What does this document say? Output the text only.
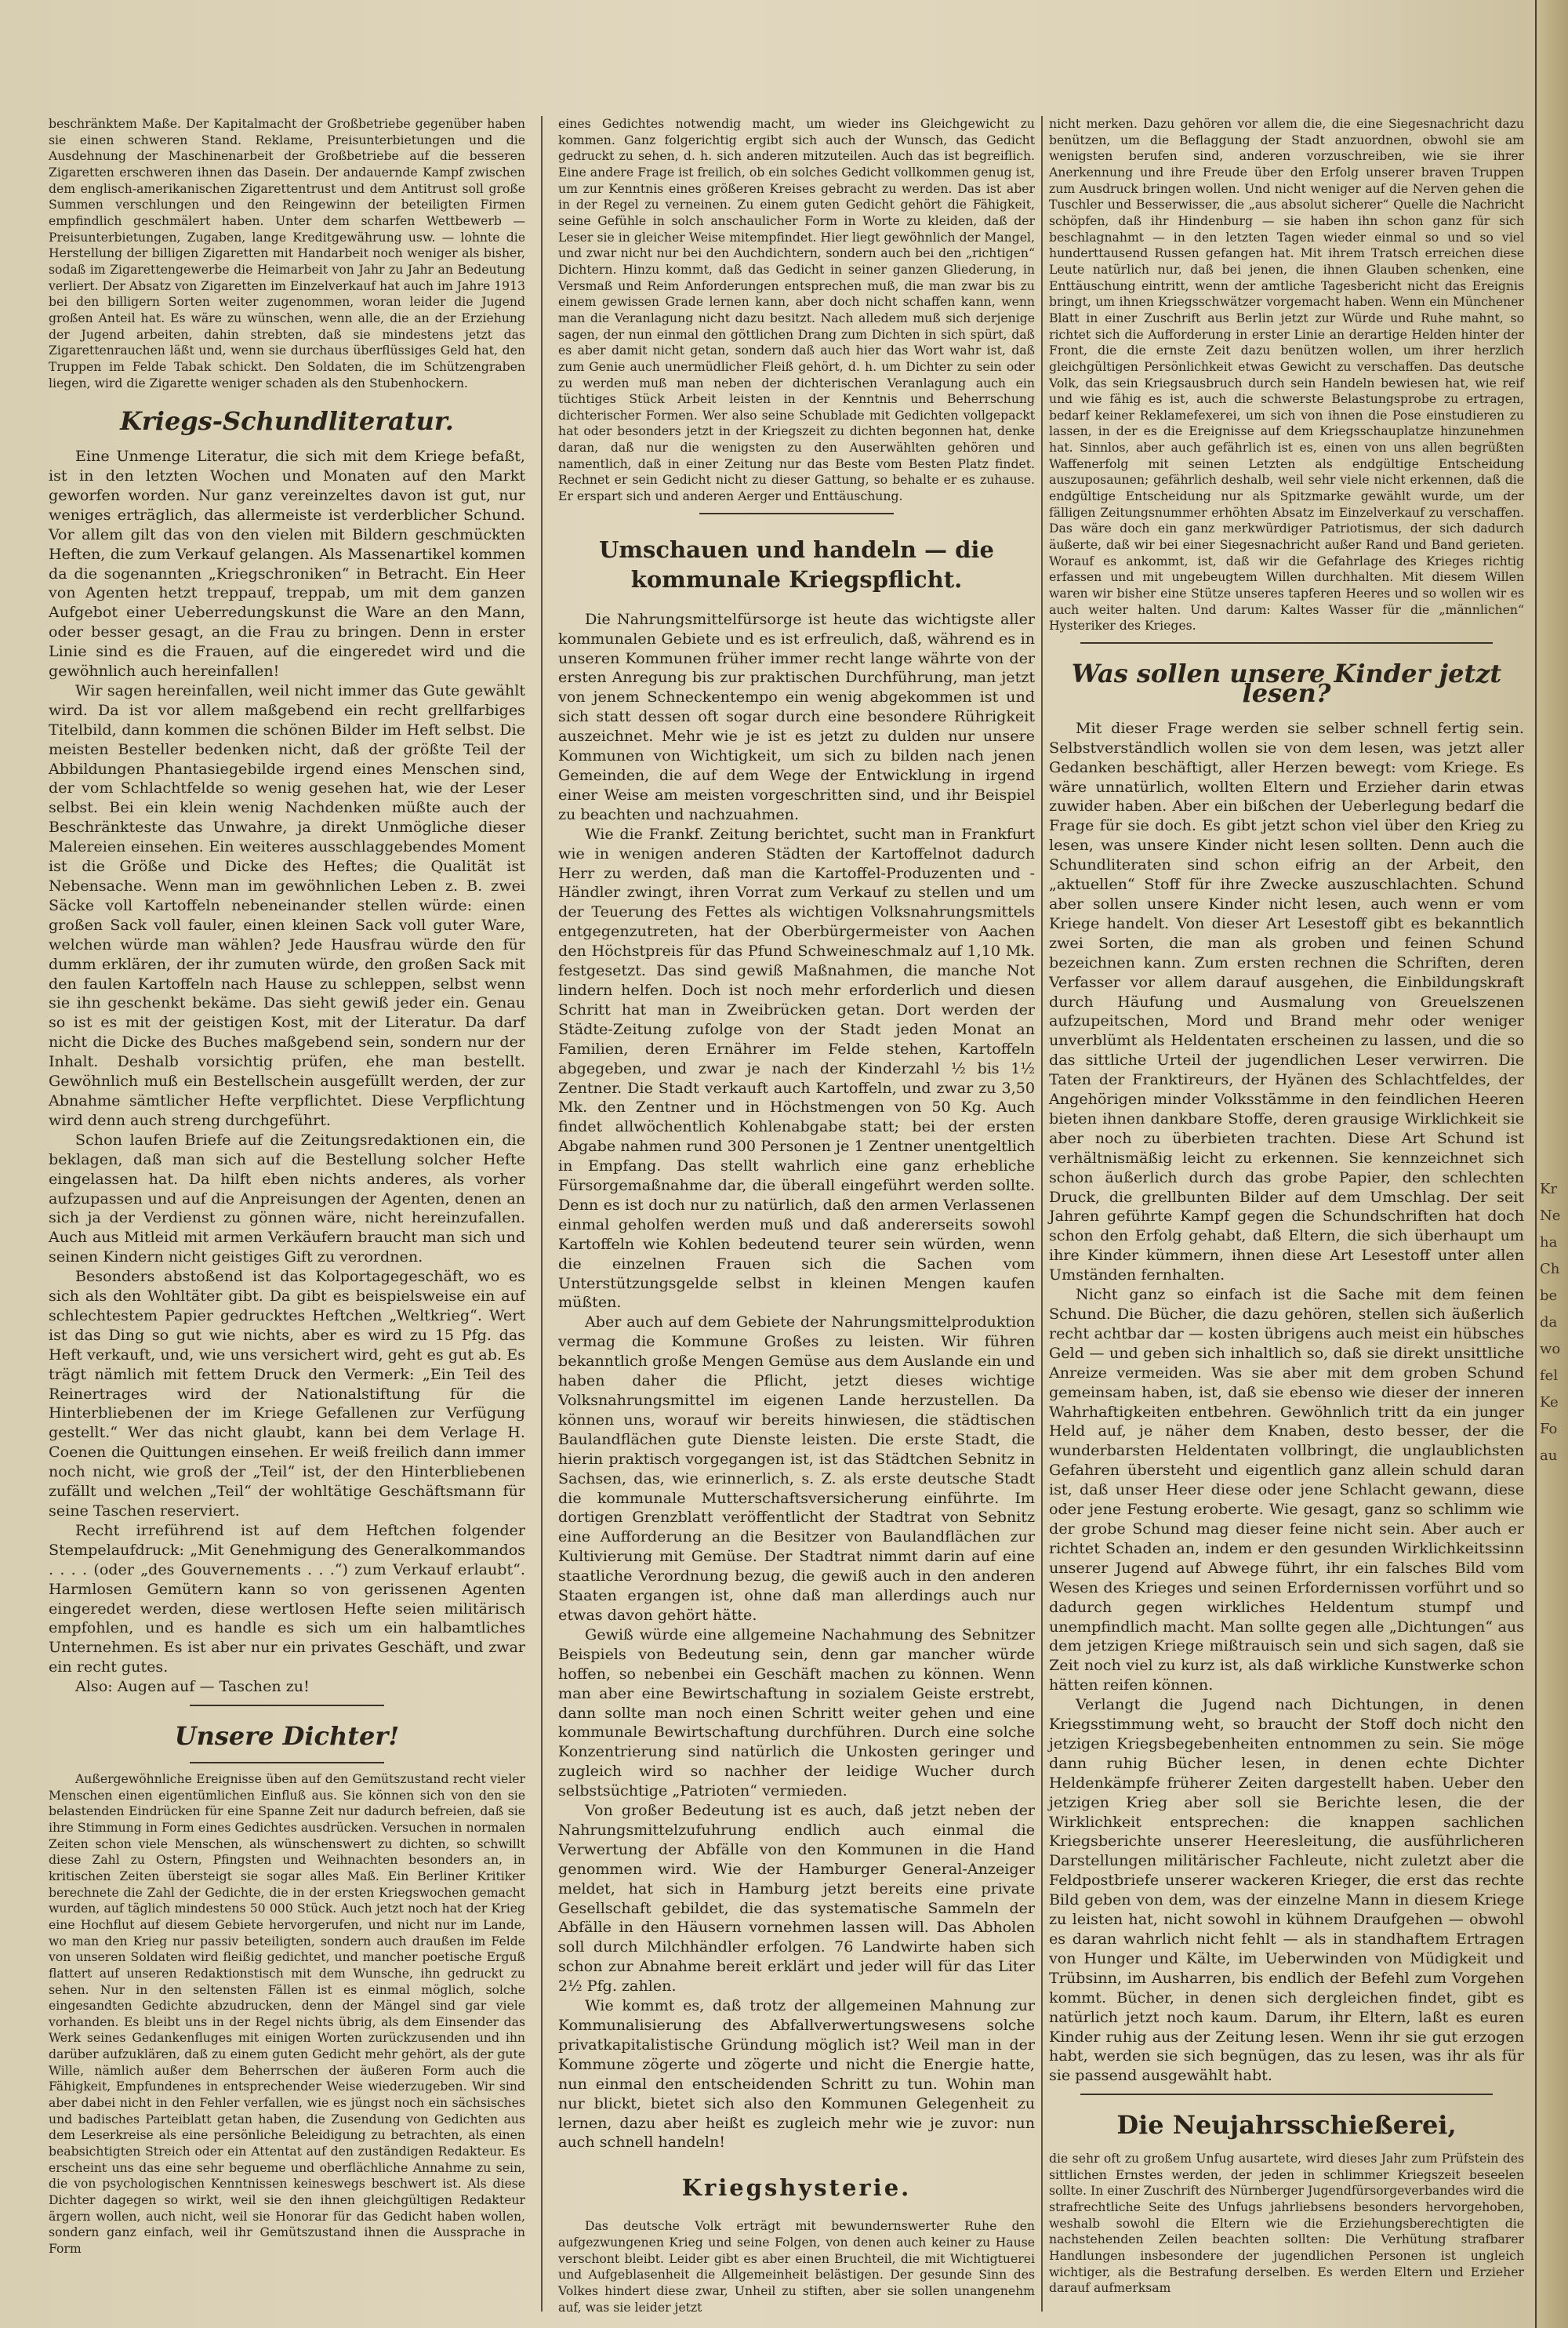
beschränktem Maße. Der Kapitalmacht der Großbetriebe gegenüber haben sie einen schweren Stand. Reklame, Preisunterbietungen und die Ausdehnung der Maschinenarbeit der Großbetriebe auf die besseren Zigaretten erschweren ihnen das Dasein. Der andauernde Kampf zwischen dem englisch-amerikanischen Zigarettentrust und dem Antitrust soll große Summen verschlungen und den Reingewinn der beteiligten Firmen empfindlich geschmälert haben. Unter dem scharfen Wettbewerb — Preisunterbietungen, Zugaben, lange Kreditgewährung usw. — lohnte die Herstellung der billigen Zigaretten mit Handarbeit noch weniger als bisher, sodaß im Zigarettengewerbe die Heimarbeit von Jahr zu Jahr an Bedeutung verliert. Der Absatz von Zigaretten im Einzelverkauf hat auch im Jahre 1913 bei den billigern Sorten weiter zugenommen, woran leider die Jugend großen Anteil hat. Es wäre zu wünschen, wenn alle, die an der Erziehung der Jugend arbeiten, dahin strebten, daß sie mindestens jetzt das Zigarettenrauchen läßt und, wenn sie durchaus überflüssiges Geld hat, den Truppen im Felde Tabak schickt. Den Soldaten, die im Schützengraben liegen, wird die Zigarette weniger schaden als den Stubenhockern.

Kriegs-Schundliteratur.

Eine Unmenge Literatur, die sich mit dem Kriege befaßt, ist in den letzten Wochen und Monaten auf den Markt geworfen worden. Nur ganz vereinzeltes davon ist gut, nur weniges erträglich, das allermeiste ist verderblicher Schund. Vor allem gilt das von den vielen mit Bildern geschmückten Heften, die zum Verkauf gelangen. Als Massenartikel kommen da die sogenannten „Kriegschroniken“ in Betracht. Ein Heer von Agenten hetzt treppauf, treppab, um mit dem ganzen Aufgebot einer Ueberredungskunst die Ware an den Mann, oder besser gesagt, an die Frau zu bringen. Denn in erster Linie sind es die Frauen, auf die eingeredet wird und die gewöhnlich auch hereinfallen!

Wir sagen hereinfallen, weil nicht immer das Gute gewählt wird. Da ist vor allem maßgebend ein recht grellfarbiges Titelbild, dann kommen die schönen Bilder im Heft selbst. Die meisten Besteller bedenken nicht, daß der größte Teil der Abbildungen Phantasiegebilde irgend eines Menschen sind, der vom Schlachtfelde so wenig gesehen hat, wie der Leser selbst. Bei ein klein wenig Nachdenken müßte auch der Beschränkteste das Unwahre, ja direkt Unmögliche dieser Malereien einsehen. Ein weiteres ausschlaggebendes Moment ist die Größe und Dicke des Heftes; die Qualität ist Nebensache. Wenn man im gewöhnlichen Leben z. B. zwei Säcke voll Kartoffeln nebeneinander stellen würde: einen großen Sack voll fauler, einen kleinen Sack voll guter Ware, welchen würde man wählen? Jede Hausfrau würde den für dumm erklären, der ihr zumuten würde, den großen Sack mit den faulen Kartoffeln nach Hause zu schleppen, selbst wenn sie ihn geschenkt bekäme. Das sieht gewiß jeder ein. Genau so ist es mit der geistigen Kost, mit der Literatur. Da darf nicht die Dicke des Buches maßgebend sein, sondern nur der Inhalt. Deshalb vorsichtig prüfen, ehe man bestellt. Gewöhnlich muß ein Bestellschein ausgefüllt werden, der zur Abnahme sämtlicher Hefte verpflichtet. Diese Verpflichtung wird denn auch streng durchgeführt.

Schon laufen Briefe auf die Zeitungsredaktionen ein, die beklagen, daß man sich auf die Bestellung solcher Hefte eingelassen hat. Da hilft eben nichts anderes, als vorher aufzupassen und auf die Anpreisungen der Agenten, denen an sich ja der Verdienst zu gönnen wäre, nicht hereinzufallen. Auch aus Mitleid mit armen Verkäufern braucht man sich und seinen Kindern nicht geistiges Gift zu verordnen.

Besonders abstoßend ist das Kolportagegeschäft, wo es sich als den Wohltäter gibt. Da gibt es beispielsweise ein auf schlechtestem Papier gedrucktes Heftchen „Weltkrieg“. Wert ist das Ding so gut wie nichts, aber es wird zu 15 Pfg. das Heft verkauft, und, wie uns versichert wird, geht es gut ab. Es trägt nämlich mit fettem Druck den Vermerk: „Ein Teil des Reinertrages wird der Nationalstiftung für die Hinterbliebenen der im Kriege Gefallenen zur Verfügung gestellt.“ Wer das nicht glaubt, kann bei dem Verlage H. Coenen die Quittungen einsehen. Er weiß freilich dann immer noch nicht, wie groß der „Teil“ ist, der den Hinterbliebenen zufällt und welchen „Teil“ der wohltätige Geschäftsmann für seine Taschen reserviert.

Recht irreführend ist auf dem Heftchen folgender Stempelaufdruck: „Mit Genehmigung des Generalkommandos . . . . (oder „des Gouvernements . . .“) zum Verkauf erlaubt“. Harmlosen Gemütern kann so von gerissenen Agenten eingeredet werden, diese wertlosen Hefte seien militärisch empfohlen, und es handle es sich um ein halbamtliches Unternehmen. Es ist aber nur ein privates Geschäft, und zwar ein recht gutes.

Also: Augen auf — Taschen zu!

Unsere Dichter!

Außergewöhnliche Ereignisse üben auf den Gemütszustand recht vieler Menschen einen eigentümlichen Einfluß aus. Sie können sich von den sie belastenden Eindrücken für eine Spanne Zeit nur dadurch befreien, daß sie ihre Stimmung in Form eines Gedichtes ausdrücken. Versuchen in normalen Zeiten schon viele Menschen, als wünschenswert zu dichten, so schwillt diese Zahl zu Ostern, Pfingsten und Weihnachten besonders an, in kritischen Zeiten übersteigt sie sogar alles Maß. Ein Berliner Kritiker berechnete die Zahl der Gedichte, die in der ersten Kriegswochen gemacht wurden, auf täglich mindestens 50 000 Stück. Auch jetzt noch hat der Krieg eine Hochflut auf diesem Gebiete hervorgerufen, und nicht nur im Lande, wo man den Krieg nur passiv beteiligten, sondern auch draußen im Felde von unseren Soldaten wird fleißig gedichtet, und mancher poetische Erguß flattert auf unseren Redaktionstisch mit dem Wunsche, ihn gedruckt zu sehen. Nur in den seltensten Fällen ist es einmal möglich, solche eingesandten Gedichte abzudrucken, denn der Mängel sind gar viele vorhanden. Es bleibt uns in der Regel nichts übrig, als dem Einsender das Werk seines Gedankenfluges mit einigen Worten zurückzusenden und ihn darüber aufzuklären, daß zu einem guten Gedicht mehr gehört, als der gute Wille, nämlich außer dem Beherrschen der äußeren Form auch die Fähigkeit, Empfundenes in entsprechender Weise wiederzugeben. Wir sind aber dabei nicht in den Fehler verfallen, wie es jüngst noch ein sächsisches und badisches Parteiblatt getan haben, die Zusendung von Gedichten aus dem Leserkreise als eine persönliche Beleidigung zu betrachten, als einen beabsichtigten Streich oder ein Attentat auf den zuständigen Redakteur. Es erscheint uns das eine sehr begueme und oberflächliche Annahme zu sein, die von psychologischen Kenntnissen keineswegs beschwert ist. Als diese Dichter dagegen so wirkt, weil sie den ihnen gleichgültigen Redakteur ärgern wollen, auch nicht, weil sie Honorar für das Gedicht haben wollen, sondern ganz einfach, weil ihr Gemütszustand ihnen die Aussprache in Form

eines Gedichtes notwendig macht, um wieder ins Gleichgewicht zu kommen. Ganz folgerichtig ergibt sich auch der Wunsch, das Gedicht gedruckt zu sehen, d. h. sich anderen mitzuteilen. Auch das ist begreiflich. Eine andere Frage ist freilich, ob ein solches Gedicht vollkommen genug ist, um zur Kenntnis eines größeren Kreises gebracht zu werden. Das ist aber in der Regel zu verneinen. Zu einem guten Gedicht gehört die Fähigkeit, seine Gefühle in solch anschaulicher Form in Worte zu kleiden, daß der Leser sie in gleicher Weise mitempfindet. Hier liegt gewöhnlich der Mangel, und zwar nicht nur bei den Auchdichtern, sondern auch bei den „richtigen“ Dichtern. Hinzu kommt, daß das Gedicht in seiner ganzen Gliederung, in Versmaß und Reim Anforderungen entsprechen muß, die man zwar bis zu einem gewissen Grade lernen kann, aber doch nicht schaffen kann, wenn man die Veranlagung nicht dazu besitzt. Nach alledem muß sich derjenige sagen, der nun einmal den göttlichen Drang zum Dichten in sich spürt, daß es aber damit nicht getan, sondern daß auch hier das Wort wahr ist, daß zum Genie auch unermüdlicher Fleiß gehört, d. h. um Dichter zu sein oder zu werden muß man neben der dichterischen Veranlagung auch ein tüchtiges Stück Arbeit leisten in der Kenntnis und Beherrschung dichterischer Formen. Wer also seine Schublade mit Gedichten vollgepackt hat oder besonders jetzt in der Kriegszeit zu dichten begonnen hat, denke daran, daß nur die wenigsten zu den Auserwählten gehören und namentlich, daß in einer Zeitung nur das Beste vom Besten Platz findet. Rechnet er sein Gedicht nicht zu dieser Gattung, so behalte er es zuhause. Er erspart sich und anderen Aerger und Enttäuschung.

Umschauen und handeln — die kommunale Kriegspflicht.

Die Nahrungsmittelfürsorge ist heute das wichtigste aller kommunalen Gebiete und es ist erfreulich, daß, während es in unseren Kommunen früher immer recht lange währte von der ersten Anregung bis zur praktischen Durchführung, man jetzt von jenem Schneckentempo ein wenig abgekommen ist und sich statt dessen oft sogar durch eine besondere Rührigkeit auszeichnet. Mehr wie je ist es jetzt zu dulden nur unsere Kommunen von Wichtigkeit, um sich zu bilden nach jenen Gemeinden, die auf dem Wege der Entwicklung in irgend einer Weise am meisten vorgeschritten sind, und ihr Beispiel zu beachten und nachzuahmen.

Wie die Frankf. Zeitung berichtet, sucht man in Frankfurt wie in wenigen anderen Städten der Kartoffelnot dadurch Herr zu werden, daß man die Kartoffel-Produzenten und -Händler zwingt, ihren Vorrat zum Verkauf zu stellen und um der Teuerung des Fettes als wichtigen Volksnahrungsmittels entgegenzutreten, hat der Oberbürgermeister von Aachen den Höchstpreis für das Pfund Schweineschmalz auf 1,10 Mk. festgesetzt. Das sind gewiß Maßnahmen, die manche Not lindern helfen. Doch ist noch mehr erforderlich und diesen Schritt hat man in Zweibrücken getan. Dort werden der Städte-Zeitung zufolge von der Stadt jeden Monat an Familien, deren Ernährer im Felde stehen, Kartoffeln abgegeben, und zwar je nach der Kinderzahl ½ bis 1½ Zentner. Die Stadt verkauft auch Kartoffeln, und zwar zu 3,50 Mk. den Zentner und in Höchstmengen von 50 Kg. Auch findet allwöchentlich Kohlenabgabe statt; bei der ersten Abgabe nahmen rund 300 Personen je 1 Zentner unentgeltlich in Empfang. Das stellt wahrlich eine ganz erhebliche Fürsorgemaßnahme dar, die überall eingeführt werden sollte. Denn es ist doch nur zu natürlich, daß den armen Verlassenen einmal geholfen werden muß und daß andererseits sowohl Kartoffeln wie Kohlen bedeutend teurer sein würden, wenn die einzelnen Frauen sich die Sachen vom Unterstützungsgelde selbst in kleinen Mengen kaufen müßten.

Aber auch auf dem Gebiete der Nahrungsmittelproduktion vermag die Kommune Großes zu leisten. Wir führen bekanntlich große Mengen Gemüse aus dem Auslande ein und haben daher die Pflicht, jetzt dieses wichtige Volksnahrungsmittel im eigenen Lande herzustellen. Da können uns, worauf wir bereits hinwiesen, die städtischen Baulandflächen gute Dienste leisten. Die erste Stadt, die hierin praktisch vorgegangen ist, ist das Städtchen Sebnitz in Sachsen, das, wie erinnerlich, s. Z. als erste deutsche Stadt die kommunale Mutterschaftsversicherung einführte. Im dortigen Grenzblatt veröffentlicht der Stadtrat von Sebnitz eine Aufforderung an die Besitzer von Baulandflächen zur Kultivierung mit Gemüse. Der Stadtrat nimmt darin auf eine staatliche Verordnung bezug, die gewiß auch in den anderen Staaten ergangen ist, ohne daß man allerdings auch nur etwas davon gehört hätte.

Gewiß würde eine allgemeine Nachahmung des Sebnitzer Beispiels von Bedeutung sein, denn gar mancher würde hoffen, so nebenbei ein Geschäft machen zu können. Wenn man aber eine Bewirtschaftung in sozialem Geiste erstrebt, dann sollte man noch einen Schritt weiter gehen und eine kommunale Bewirtschaftung durchführen. Durch eine solche Konzentrierung sind natürlich die Unkosten geringer und zugleich wird so nachher der leidige Wucher durch selbstsüchtige „Patrioten“ vermieden.

Von großer Bedeutung ist es auch, daß jetzt neben der Nahrungsmittelzufuhrung endlich auch einmal die Verwertung der Abfälle von den Kommunen in die Hand genommen wird. Wie der Hamburger General-Anzeiger meldet, hat sich in Hamburg jetzt bereits eine private Gesellschaft gebildet, die das systematische Sammeln der Abfälle in den Häusern vornehmen lassen will. Das Abholen soll durch Milchhändler erfolgen. 76 Landwirte haben sich schon zur Abnahme bereit erklärt und jeder will für das Liter 2½ Pfg. zahlen.

Wie kommt es, daß trotz der allgemeinen Mahnung zur Kommunalisierung des Abfallverwertungswesens solche privatkapitalistische Gründung möglich ist? Weil man in der Kommune zögerte und zögerte und nicht die Energie hatte, nun einmal den entscheidenden Schritt zu tun. Wohin man nur blickt, bietet sich also den Kommunen Gelegenheit zu lernen, dazu aber heißt es zugleich mehr wie je zuvor: nun auch schnell handeln!

Kriegshysterie.

Das deutsche Volk erträgt mit bewundernswerter Ruhe den aufgezwungenen Krieg und seine Folgen, von denen auch keiner zu Hause verschont bleibt. Leider gibt es aber einen Bruchteil, die mit Wichtigtuerei und Aufgeblasenheit die Allgemeinheit belästigen. Der gesunde Sinn des Volkes hindert diese zwar, Unheil zu stiften, aber sie sollen unangenehm auf, was sie leider jetzt

nicht merken. Dazu gehören vor allem die, die eine Siegesnachricht dazu benützen, um die Beflaggung der Stadt anzuordnen, obwohl sie am wenigsten berufen sind, anderen vorzuschreiben, wie sie ihrer Anerkennung und ihre Freude über den Erfolg unserer braven Truppen zum Ausdruck bringen wollen. Und nicht weniger auf die Nerven gehen die Tuschler und Besserwisser, die „aus absolut sicherer“ Quelle die Nachricht schöpfen, daß ihr Hindenburg — sie haben ihn schon ganz für sich beschlagnahmt — in den letzten Tagen wieder einmal so und so viel hunderttausend Russen gefangen hat. Mit ihrem Tratsch erreichen diese Leute natürlich nur, daß bei jenen, die ihnen Glauben schenken, eine Enttäuschung eintritt, wenn der amtliche Tagesbericht nicht das Ereignis bringt, um ihnen Kriegsschwätzer vorgemacht haben. Wenn ein Münchener Blatt in einer Zuschrift aus Berlin jetzt zur Würde und Ruhe mahnt, so richtet sich die Aufforderung in erster Linie an derartige Helden hinter der Front, die die ernste Zeit dazu benützen wollen, um ihrer herzlich gleichgültigen Persönlichkeit etwas Gewicht zu verschaffen. Das deutsche Volk, das sein Kriegsausbruch durch sein Handeln bewiesen hat, wie reif und wie fähig es ist, auch die schwerste Belastungsprobe zu ertragen, bedarf keiner Reklamefexerei, um sich von ihnen die Pose einstudieren zu lassen, in der es die Ereignisse auf dem Kriegsschauplatze hinzunehmen hat. Sinnlos, aber auch gefährlich ist es, einen von uns allen begrüßten Waffenerfolg mit seinen Letzten als endgültige Entscheidung auszuposaunen; gefährlich deshalb, weil sehr viele nicht erkennen, daß die endgültige Entscheidung nur als Spitzmarke gewählt wurde, um der fälligen Zeitungsnummer erhöhten Absatz im Einzelverkauf zu verschaffen. Das wäre doch ein ganz merkwürdiger Patriotismus, der sich dadurch äußerte, daß wir bei einer Siegesnachricht außer Rand und Band gerieten. Worauf es ankommt, ist, daß wir die Gefahrlage des Krieges richtig erfassen und mit ungebeugtem Willen durchhalten. Mit diesem Willen waren wir bisher eine Stütze unseres tapferen Heeres und so wollen wir es auch weiter halten. Und darum: Kaltes Wasser für die „männlichen“ Hysteriker des Krieges.

Was sollen unsere Kinder jetzt lesen?

Mit dieser Frage werden sie selber schnell fertig sein. Selbstverständlich wollen sie von dem lesen, was jetzt aller Gedanken beschäftigt, aller Herzen bewegt: vom Kriege. Es wäre unnatürlich, wollten Eltern und Erzieher darin etwas zuwider haben. Aber ein bißchen der Ueberlegung bedarf die Frage für sie doch. Es gibt jetzt schon viel über den Krieg zu lesen, was unsere Kinder nicht lesen sollten. Denn auch die Schundliteraten sind schon eifrig an der Arbeit, den „aktuellen“ Stoff für ihre Zwecke auszuschlachten. Schund aber sollen unsere Kinder nicht lesen, auch wenn er vom Kriege handelt. Von dieser Art Lesestoff gibt es bekanntlich zwei Sorten, die man als groben und feinen Schund bezeichnen kann. Zum ersten rechnen die Schriften, deren Verfasser vor allem darauf ausgehen, die Einbildungskraft durch Häufung und Ausmalung von Greuelszenen aufzupeitschen, Mord und Brand mehr oder weniger unverblümt als Heldentaten erscheinen zu lassen, und die so das sittliche Urteil der jugendlichen Leser verwirren. Die Taten der Franktireurs, der Hyänen des Schlachtfeldes, der Angehörigen minder Volksstämme in den feindlichen Heeren bieten ihnen dankbare Stoffe, deren grausige Wirklichkeit sie aber noch zu überbieten trachten. Diese Art Schund ist verhältnismäßig leicht zu erkennen. Sie kennzeichnet sich schon äußerlich durch das grobe Papier, den schlechten Druck, die grellbunten Bilder auf dem Umschlag. Der seit Jahren geführte Kampf gegen die Schundschriften hat doch schon den Erfolg gehabt, daß Eltern, die sich überhaupt um ihre Kinder kümmern, ihnen diese Art Lesestoff unter allen Umständen fernhalten.

Nicht ganz so einfach ist die Sache mit dem feinen Schund. Die Bücher, die dazu gehören, stellen sich äußerlich recht achtbar dar — kosten übrigens auch meist ein hübsches Geld — und geben sich inhaltlich so, daß sie direkt unsittliche Anreize vermeiden. Was sie aber mit dem groben Schund gemeinsam haben, ist, daß sie ebenso wie dieser der inneren Wahrhaftigkeiten entbehren. Gewöhnlich tritt da ein junger Held auf, je näher dem Knaben, desto besser, der die wunderbarsten Heldentaten vollbringt, die unglaublichsten Gefahren übersteht und eigentlich ganz allein schuld daran ist, daß unser Heer diese oder jene Schlacht gewann, diese oder jene Festung eroberte. Wie gesagt, ganz so schlimm wie der grobe Schund mag dieser feine nicht sein. Aber auch er richtet Schaden an, indem er den gesunden Wirklichkeitssinn unserer Jugend auf Abwege führt, ihr ein falsches Bild vom Wesen des Krieges und seinen Erfordernissen vorführt und so dadurch gegen wirkliches Heldentum stumpf und unempfindlich macht. Man sollte gegen alle „Dichtungen“ aus dem jetzigen Kriege mißtrauisch sein und sich sagen, daß sie Zeit noch viel zu kurz ist, als daß wirkliche Kunstwerke schon hätten reifen können.

Verlangt die Jugend nach Dichtungen, in denen Kriegsstimmung weht, so braucht der Stoff doch nicht den jetzigen Kriegsbegebenheiten entnommen zu sein. Sie möge dann ruhig Bücher lesen, in denen echte Dichter Heldenkämpfe früherer Zeiten dargestellt haben. Ueber den jetzigen Krieg aber soll sie Berichte lesen, die der Wirklichkeit entsprechen: die knappen sachlichen Kriegsberichte unserer Heeresleitung, die ausführlicheren Darstellungen militärischer Fachleute, nicht zuletzt aber die Feldpostbriefe unserer wackeren Krieger, die erst das rechte Bild geben von dem, was der einzelne Mann in diesem Kriege zu leisten hat, nicht sowohl in kühnem Draufgehen — obwohl es daran wahrlich nicht fehlt — als in standhaftem Ertragen von Hunger und Kälte, im Ueberwinden von Müdigkeit und Trübsinn, im Ausharren, bis endlich der Befehl zum Vorgehen kommt. Bücher, in denen sich dergleichen findet, gibt es natürlich jetzt noch kaum. Darum, ihr Eltern, laßt es euren Kinder ruhig aus der Zeitung lesen. Wenn ihr sie gut erzogen habt, werden sie sich begnügen, das zu lesen, was ihr als für sie passend ausgewählt habt.

Die Neujahrsschießerei,

die sehr oft zu großem Unfug ausartete, wird dieses Jahr zum Prüfstein des sittlichen Ernstes werden, der jeden in schlimmer Kriegszeit beseelen sollte. In einer Zuschrift des Nürnberger Jugendfürsorgeverbandes wird die strafrechtliche Seite des Unfugs jahrliebsens besonders hervorgehoben, weshalb sowohl die Eltern wie die Erziehungsberechtigten die nachstehenden Zeilen beachten sollten: Die Verhütung strafbarer Handlungen insbesondere der jugendlichen Personen ist ungleich wichtiger, als die Bestrafung derselben. Es werden Eltern und Erzieher darauf aufmerksam

Kr
Ne
ha
Ch
be
da
wo
fel
Ke
Fo
au
